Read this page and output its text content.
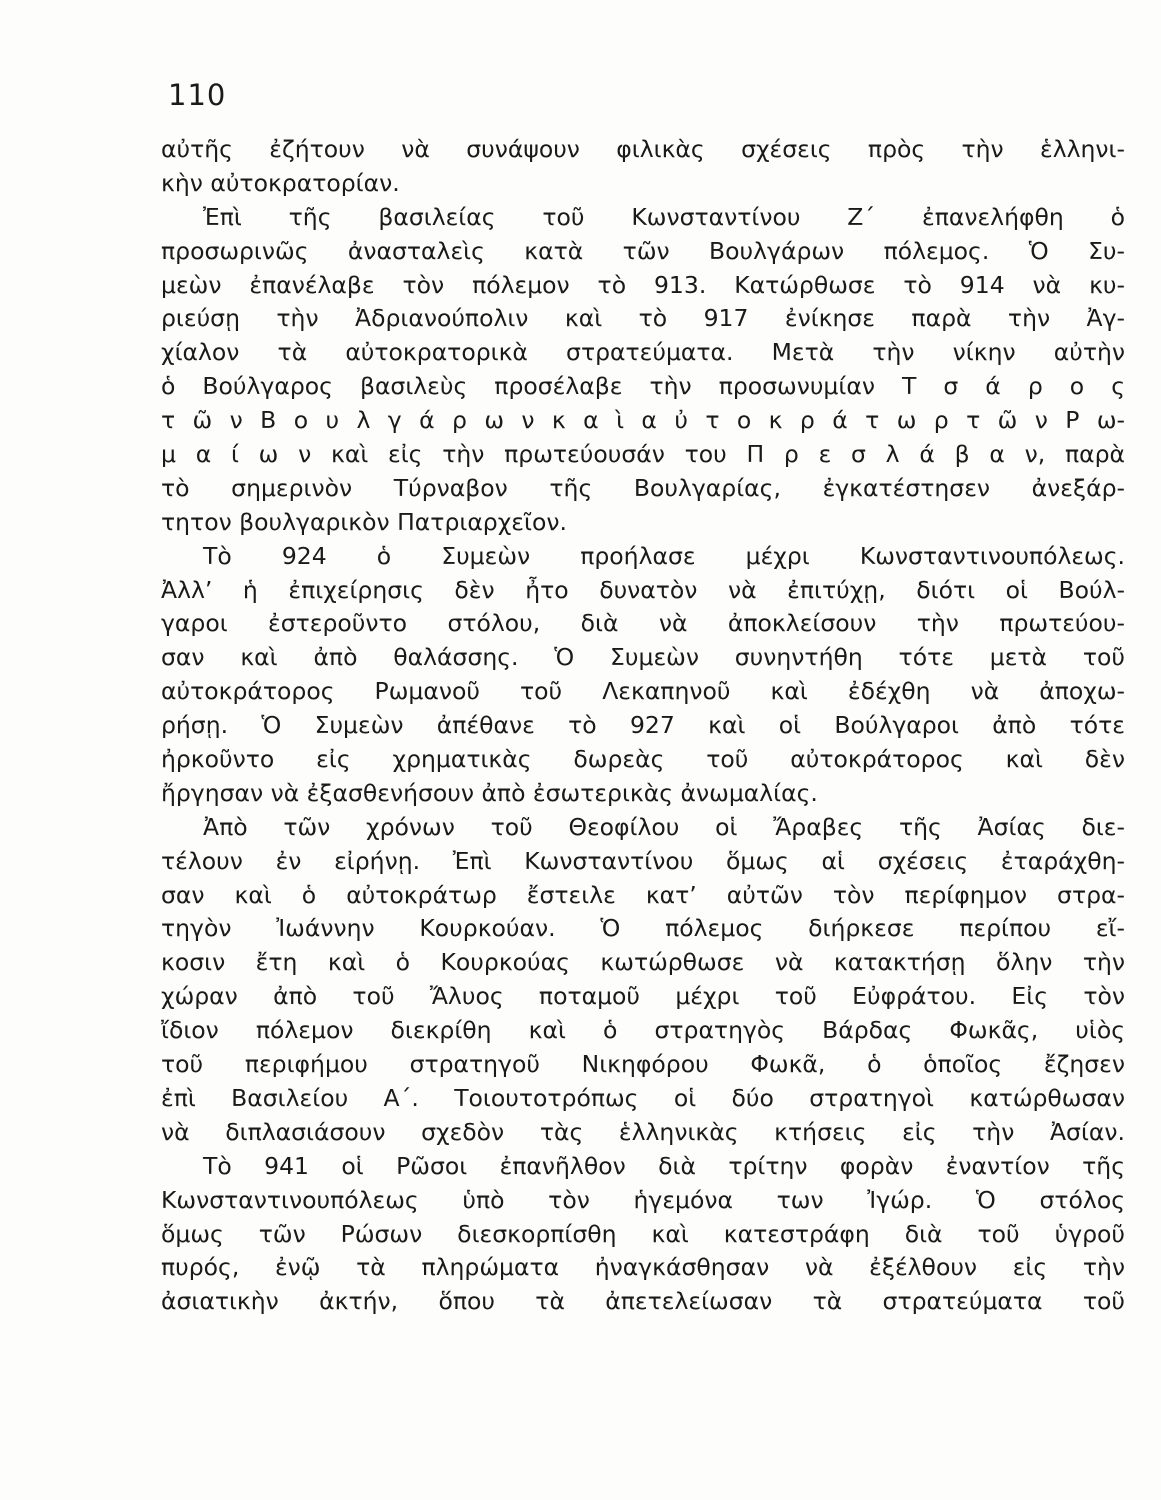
110
αὐτῆς ἐζήτουν νὰ συνάψουν φιλικὰς σχέσεις πρὸς τὴν ἑλληνι-
κὴν αὐτοκρατορίαν.
Ἐπὶ τῆς βασιλείας τοῦ Κωνσταντίνου Ζ΄ ἐπανελήφθη ὁ
προσωρινῶς ἀνασταλεὶς κατὰ τῶν Βουλγάρων πόλεμος. Ὁ Συ-
μεὼν ἐπανέλαβε τὸν πόλεμον τὸ 913. Κατώρθωσε τὸ 914 νὰ κυ-
ριεύσῃ τὴν Ἀδριανούπολιν καὶ τὸ 917 ἐνίκησε παρὰ τὴν Ἀγ-
χίαλον τὰ αὐτοκρατορικὰ στρατεύματα. Μετὰ τὴν νίκην αὐτὴν
ὁ Βούλγαρος βασιλεὺς προσέλαβε τὴν προσωνυμίαν Τ σ ά ρ ο ς
τ ῶ ν Β ο υ λ γ ά ρ ω ν κ α ὶ α ὐ τ ο κ ρ ά τ ω ρ τ ῶ ν Ρ ω-
μ α ί ω ν καὶ εἰς τὴν πρωτεύουσάν του Π ρ ε σ λ ά β α ν, παρὰ
τὸ σημερινὸν Τύρναβον τῆς Βουλγαρίας, ἐγκατέστησεν ἀνεξάρ-
τητον βουλγαρικὸν Πατριαρχεῖον.
Τὸ 924 ὁ Συμεὼν προήλασε μέχρι Κωνσταντινουπόλεως.
Ἀλλ’ ἡ ἐπιχείρησις δὲν ἦτο δυνατὸν νὰ ἐπιτύχῃ, διότι οἱ Βούλ-
γαροι ἐστεροῦντο στόλου, διὰ νὰ ἀποκλείσουν τὴν πρωτεύου-
σαν καὶ ἀπὸ θαλάσσης. Ὁ Συμεὼν συνηντήθη τότε μετὰ τοῦ
αὐτοκράτορος Ρωμανοῦ τοῦ Λεκαπηνοῦ καὶ ἐδέχθη νὰ ἀποχω-
ρήσῃ. Ὁ Συμεὼν ἀπέθανε τὸ 927 καὶ οἱ Βούλγαροι ἀπὸ τότε
ἠρκοῦντο εἰς χρηματικὰς δωρεὰς τοῦ αὐτοκράτορος καὶ δὲν
ἤργησαν νὰ ἐξασθενήσουν ἀπὸ ἐσωτερικὰς ἀνωμαλίας.
Ἀπὸ τῶν χρόνων τοῦ Θεοφίλου οἱ Ἄραβες τῆς Ἀσίας διε-
τέλουν ἐν εἰρήνῃ. Ἐπὶ Κωνσταντίνου ὅμως αἱ σχέσεις ἐταράχθη-
σαν καὶ ὁ αὐτοκράτωρ ἔστειλε κατ’ αὐτῶν τὸν περίφημον στρα-
τηγὸν Ἰωάννην Κουρκούαν. Ὁ πόλεμος διήρκεσε περίπου εἴ-
κοσιν ἔτη καὶ ὁ Κουρκούας κωτώρθωσε νὰ κατακτήσῃ ὅλην τὴν
χώραν ἀπὸ τοῦ Ἄλυος ποταμοῦ μέχρι τοῦ Εὐφράτου. Εἰς τὸν
ἴδιον πόλεμον διεκρίθη καὶ ὁ στρατηγὸς Βάρδας Φωκᾶς, υἱὸς
τοῦ περιφήμου στρατηγοῦ Νικηφόρου Φωκᾶ, ὁ ὁποῖος ἔζησεν
ἐπὶ Βασιλείου Α΄. Τοιουτοτρόπως οἱ δύο στρατηγοὶ κατώρθωσαν
νὰ διπλασιάσουν σχεδὸν τὰς ἑλληνικὰς κτήσεις εἰς τὴν Ἀσίαν.
Τὸ 941 οἱ Ρῶσοι ἐπανῆλθον διὰ τρίτην φορὰν ἐναντίον τῆς
Κωνσταντινουπόλεως ὑπὸ τὸν ἡγεμόνα των Ἰγώρ. Ὁ στόλος
ὅμως τῶν Ρώσων διεσκορπίσθη καὶ κατεστράφη διὰ τοῦ ὑγροῦ
πυρός, ἐνῷ τὰ πληρώματα ἠναγκάσθησαν νὰ ἐξέλθουν εἰς τὴν
ἀσιατικὴν ἀκτήν, ὅπου τὰ ἀπετελείωσαν τὰ στρατεύματα τοῦ
